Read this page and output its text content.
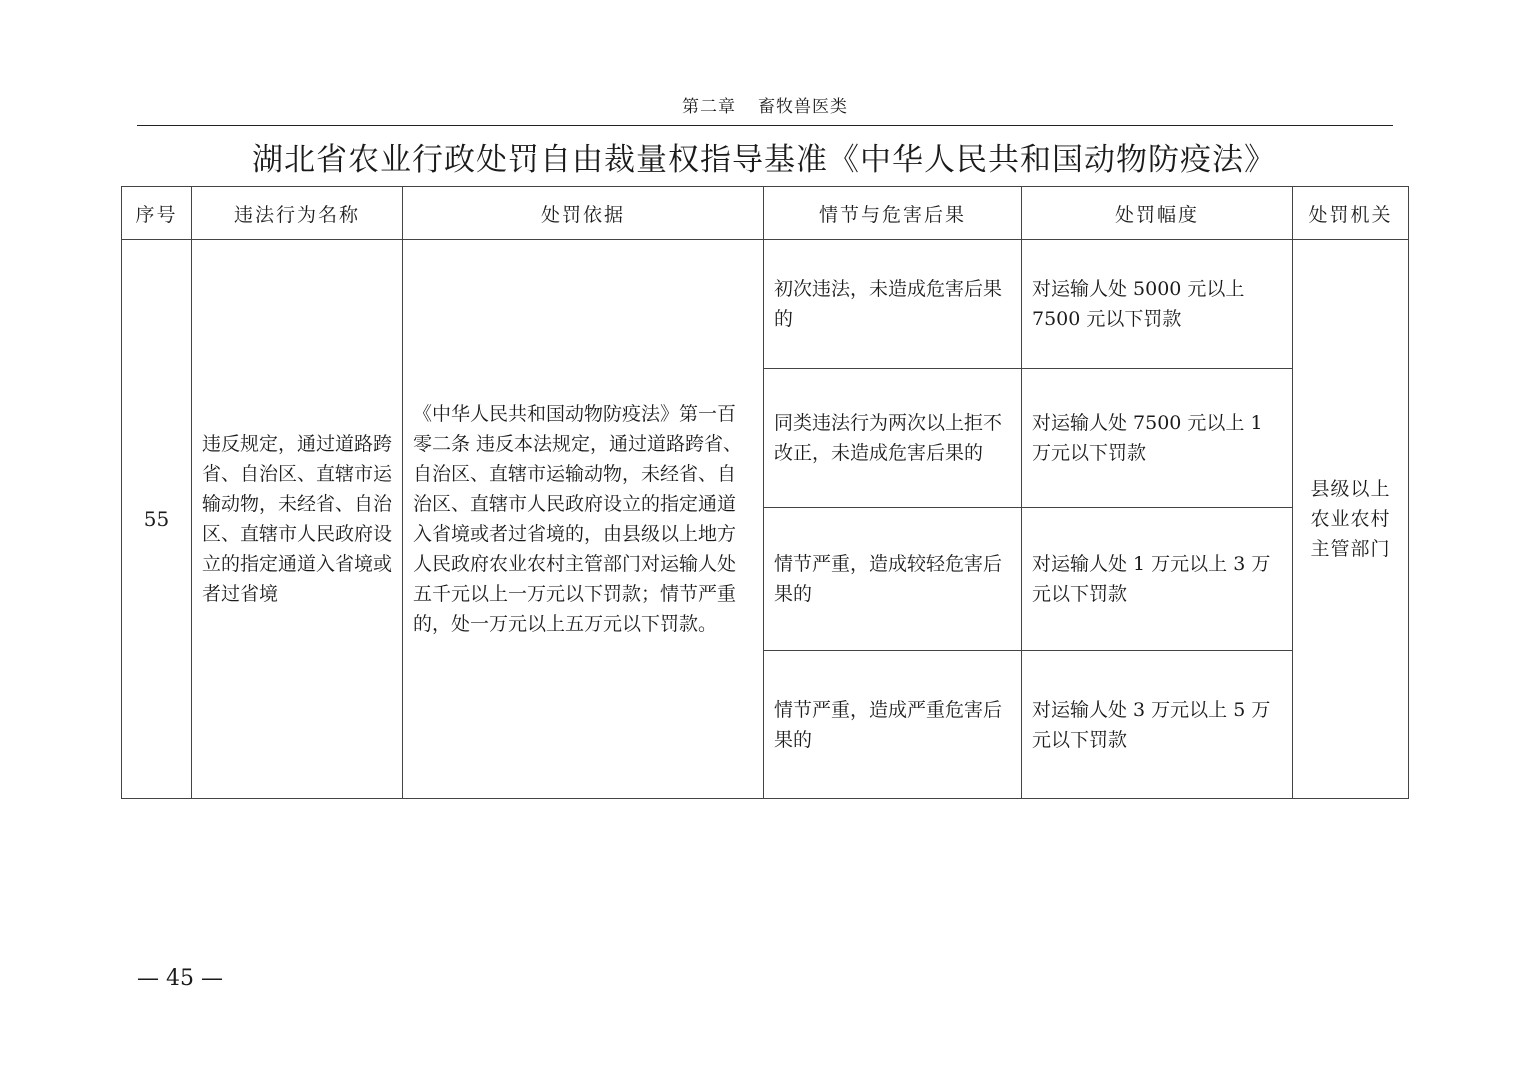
第二章 畜牧兽医类
湖北省农业行政处罚自由裁量权指导基准《中华人民共和国动物防疫法》
序号	违法行为名称	处罚依据	情节与危害后果	处罚幅度	处罚机关
55	违反规定，通过道路跨省、自治区、直辖市运输动物，未经省、自治区、直辖市人民政府设立的指定通道入省境或者过省境	《中华人民共和国动物防疫法》第一百零二条 违反本法规定，通过道路跨省、自治区、直辖市运输动物，未经省、自治区、直辖市人民政府设立的指定通道入省境或者过省境的，由县级以上地方人民政府农业农村主管部门对运输人处五千元以上一万元以下罚款；情节严重的，处一万元以上五万元以下罚款。	初次违法，未造成危害后果的	对运输人处 5000 元以上 7500 元以下罚款	县级以上农业农村主管部门
			同类违法行为两次以上拒不改正，未造成危害后果的	对运输人处 7500 元以上 1 万元以下罚款	
			情节严重，造成较轻危害后果的	对运输人处 1 万元以上 3 万元以下罚款	
			情节严重，造成严重危害后果的	对运输人处 3 万元以上 5 万元以下罚款	
— 45 —
